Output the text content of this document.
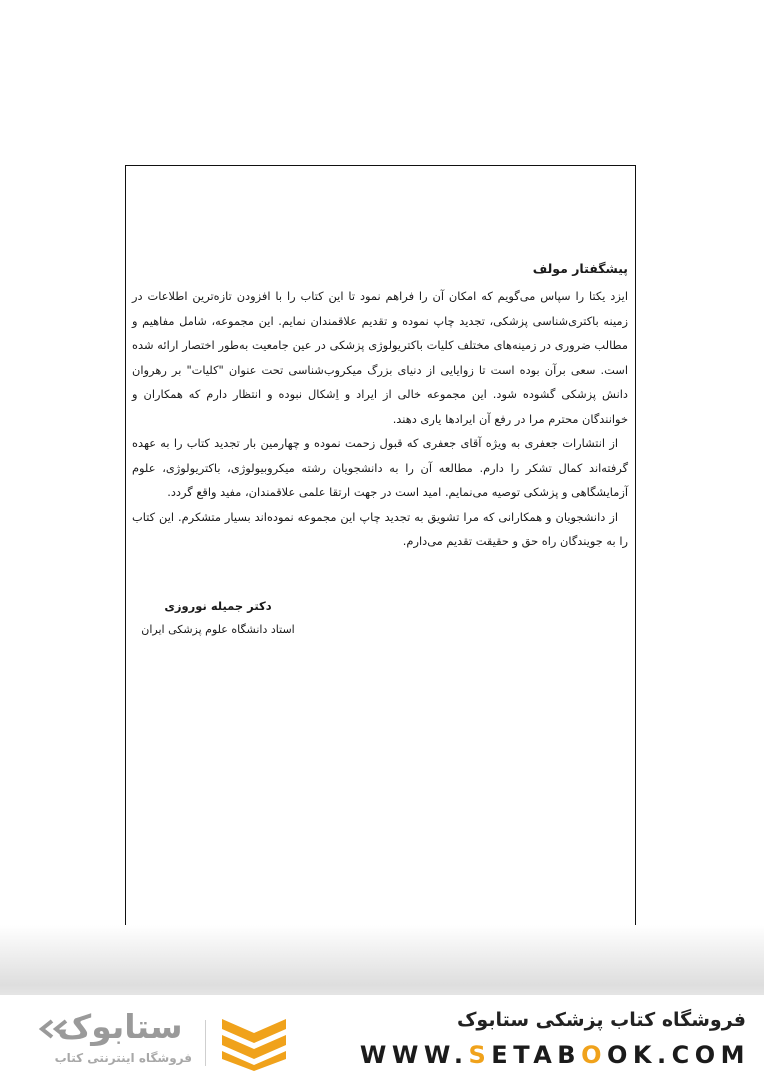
پیشگفتار مولف

ایزد یکتا را سپاس می‌گویم که امکان آن را فراهم نمود تا این کتاب را با افزودن تازه‌ترین اطلاعات در زمینه باکتری‌شناسی پزشکی، تجدید چاپ نموده و تقدیم علاقمندان نمایم. این مجموعه، شامل مفاهیم و مطالب ضروری در زمینه‌های مختلف کلیات باکتریولوژی پزشکی در عین جامعیت به‌طور اختصار ارائه شده است. سعی برآن بوده است تا زوایایی از دنیای بزرگ میکروب‌شناسی تحت عنوان "کلیات" بر رهروان دانش پزشکی گشوده شود. این مجموعه خالی از ایراد و اِشکال نبوده و انتظار دارم که همکاران و خوانندگان محترم مرا در رفع آن ایرادها یاری دهند.

از انتشارات جعفری به ویژه آقای جعفری که قبول زحمت نموده و چهارمین بار تجدید کتاب را به عهده گرفته‌اند کمال تشکر را دارم. مطالعه آن را به دانشجویان رشته میکروبیولوژی، باکتریولوژی، علوم آزمایشگاهی و پزشکی توصیه می‌نمایم. امید است در جهت ارتقا علمی علاقمندان، مفید واقع گردد.

از دانشجویان و همکارانی که مرا تشویق به تجدید چاپ این مجموعه نموده‌اند بسیار متشکرم. این کتاب را به جویندگان راه حق و حقیقت تقدیم می‌دارم.

دکتر جمیله نوروزی
استاد دانشگاه علوم پزشکی ایران
ستابوک
فروشگاه اینترنتی کتاب
فروشگاه کتاب پزشکی ستابوک
WWW.SETABOOK.COM
